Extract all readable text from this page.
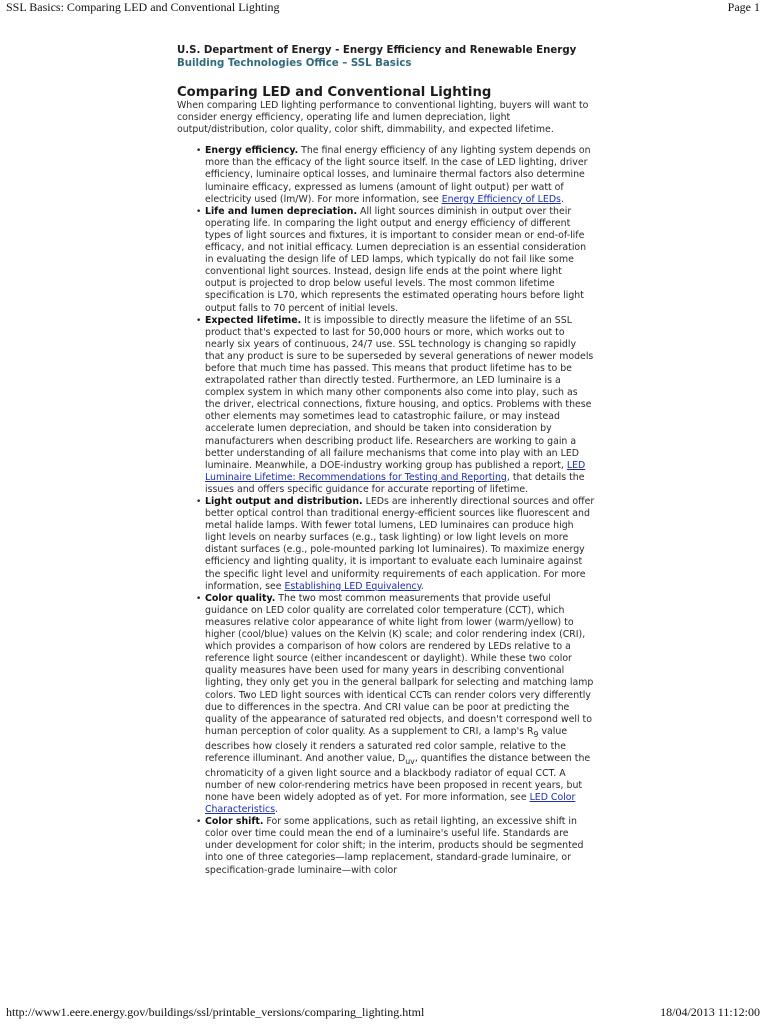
SSL Basics: Comparing LED and Conventional Lighting	Page 1
U.S. Department of Energy - Energy Efficiency and Renewable Energy
Building Technologies Office – SSL Basics
Comparing LED and Conventional Lighting

When comparing LED lighting performance to conventional lighting, buyers will want to consider energy efficiency, operating life and lumen depreciation, light output/distribution, color quality, color shift, dimmability, and expected lifetime.

• Energy efficiency. The final energy efficiency of any lighting system depends on more than the efficacy of the light source itself. In the case of LED lighting, driver efficiency, luminaire optical losses, and luminaire thermal factors also determine luminaire efficacy, expressed as lumens (amount of light output) per watt of electricity used (lm/W). For more information, see Energy Efficiency of LEDs.
• Life and lumen depreciation. All light sources diminish in output over their operating life. In comparing the light output and energy efficiency of different types of light sources and fixtures, it is important to consider mean or end-of-life efficacy, and not initial efficacy. Lumen depreciation is an essential consideration in evaluating the design life of LED lamps, which typically do not fail like some conventional light sources. Instead, design life ends at the point where light output is projected to drop below useful levels. The most common lifetime specification is L70, which represents the estimated operating hours before light output falls to 70 percent of initial levels.
• Expected lifetime. It is impossible to directly measure the lifetime of an SSL product that's expected to last for 50,000 hours or more, which works out to nearly six years of continuous, 24/7 use. SSL technology is changing so rapidly that any product is sure to be superseded by several generations of newer models before that much time has passed. This means that product lifetime has to be extrapolated rather than directly tested. Furthermore, an LED luminaire is a complex system in which many other components also come into play, such as the driver, electrical connections, fixture housing, and optics. Problems with these other elements may sometimes lead to catastrophic failure, or may instead accelerate lumen depreciation, and should be taken into consideration by manufacturers when describing product life. Researchers are working to gain a better understanding of all failure mechanisms that come into play with an LED luminaire. Meanwhile, a DOE-industry working group has published a report, LED Luminaire Lifetime: Recommendations for Testing and Reporting, that details the issues and offers specific guidance for accurate reporting of lifetime.
• Light output and distribution. LEDs are inherently directional sources and offer better optical control than traditional energy-efficient sources like fluorescent and metal halide lamps. With fewer total lumens, LED luminaires can produce high light levels on nearby surfaces (e.g., task lighting) or low light levels on more distant surfaces (e.g., pole-mounted parking lot luminaires). To maximize energy efficiency and lighting quality, it is important to evaluate each luminaire against the specific light level and uniformity requirements of each application. For more information, see Establishing LED Equivalency.
• Color quality. The two most common measurements that provide useful guidance on LED color quality are correlated color temperature (CCT), which measures relative color appearance of white light from lower (warm/yellow) to higher (cool/blue) values on the Kelvin (K) scale; and color rendering index (CRI), which provides a comparison of how colors are rendered by LEDs relative to a reference light source (either incandescent or daylight). While these two color quality measures have been used for many years in describing conventional lighting, they only get you in the general ballpark for selecting and matching lamp colors. Two LED light sources with identical CCTs can render colors very differently due to differences in the spectra. And CRI value can be poor at predicting the quality of the appearance of saturated red objects, and doesn't correspond well to human perception of color quality. As a supplement to CRI, a lamp's $R_9$ value describes how closely it renders a saturated red color sample, relative to the reference illuminant. And another value, $D_{uv}$, quantifies the distance between the chromaticity of a given light source and a blackbody radiator of equal CCT. A number of new color-rendering metrics have been proposed in recent years, but none have been widely adopted as of yet. For more information, see LED Color Characteristics.
• Color shift. For some applications, such as retail lighting, an excessive shift in color over time could mean the end of a luminaire's useful life. Standards are under development for color shift; in the interim, products should be segmented into one of three categories—lamp replacement, standard-grade luminaire, or specification-grade luminaire—with color
http://www1.eere.energy.gov/buildings/ssl/printable_versions/comparing_lighting.html	18/04/2013 11:12:00
